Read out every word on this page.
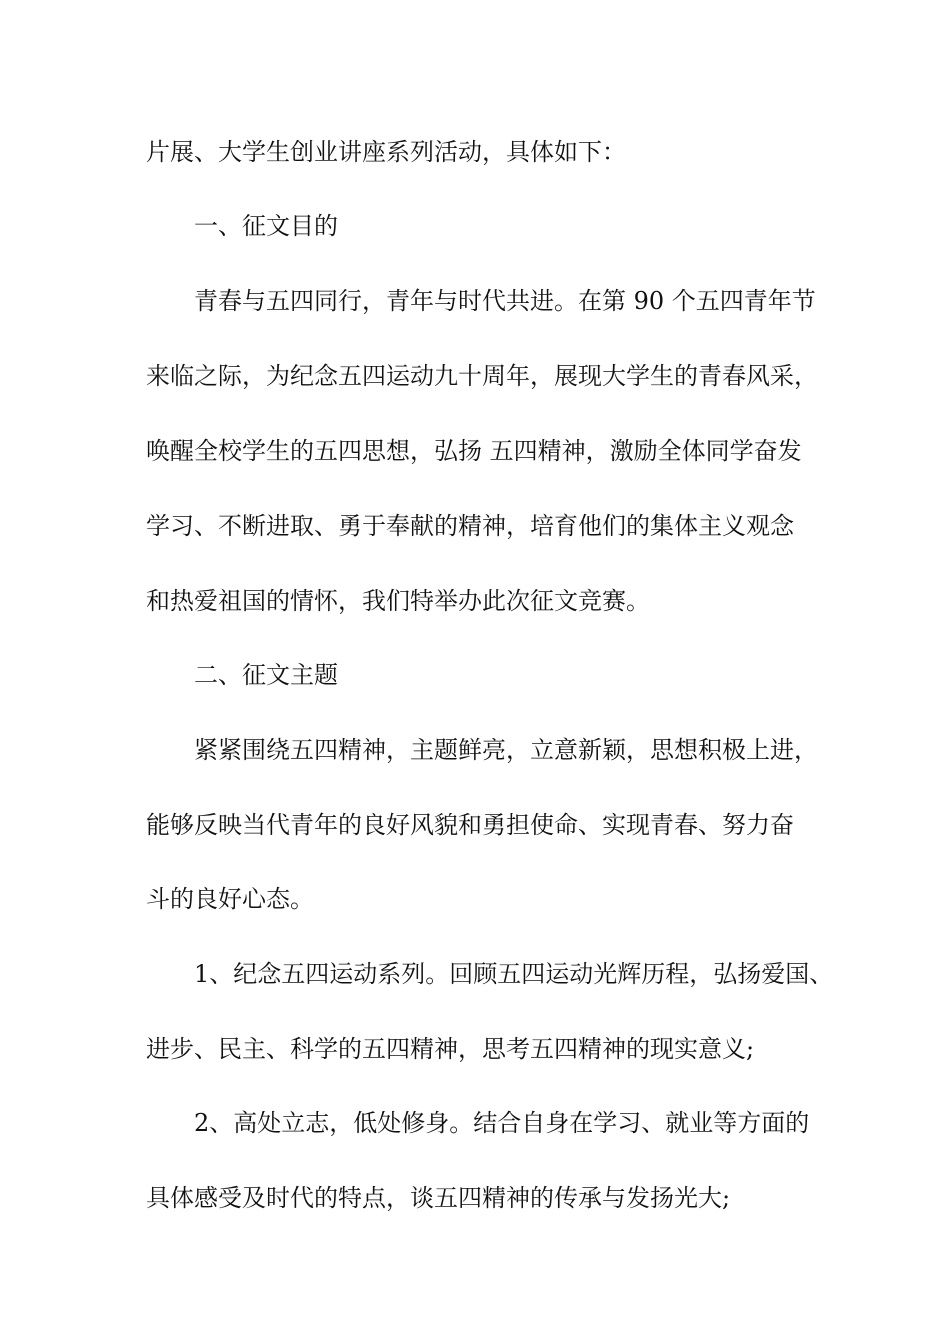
片展、大学生创业讲座系列活动，具体如下：
一、征文目的
青春与五四同行，青年与时代共进。在第 90 个五四青年节
来临之际，为纪念五四运动九十周年，展现大学生的青春风采，
唤醒全校学生的五四思想，弘扬 五四精神，激励全体同学奋发
学习、不断进取、勇于奉献的精神，培育他们的集体主义观念
和热爱祖国的情怀，我们特举办此次征文竞赛。
二、征文主题
紧紧围绕五四精神，主题鲜亮，立意新颖，思想积极上进，
能够反映当代青年的良好风貌和勇担使命、实现青春、努力奋
斗的良好心态。
1、纪念五四运动系列。回顾五四运动光辉历程，弘扬爱国、
进步、民主、科学的五四精神，思考五四精神的现实意义;
2、高处立志，低处修身。结合自身在学习、就业等方面的
具体感受及时代的特点，谈五四精神的传承与发扬光大;
